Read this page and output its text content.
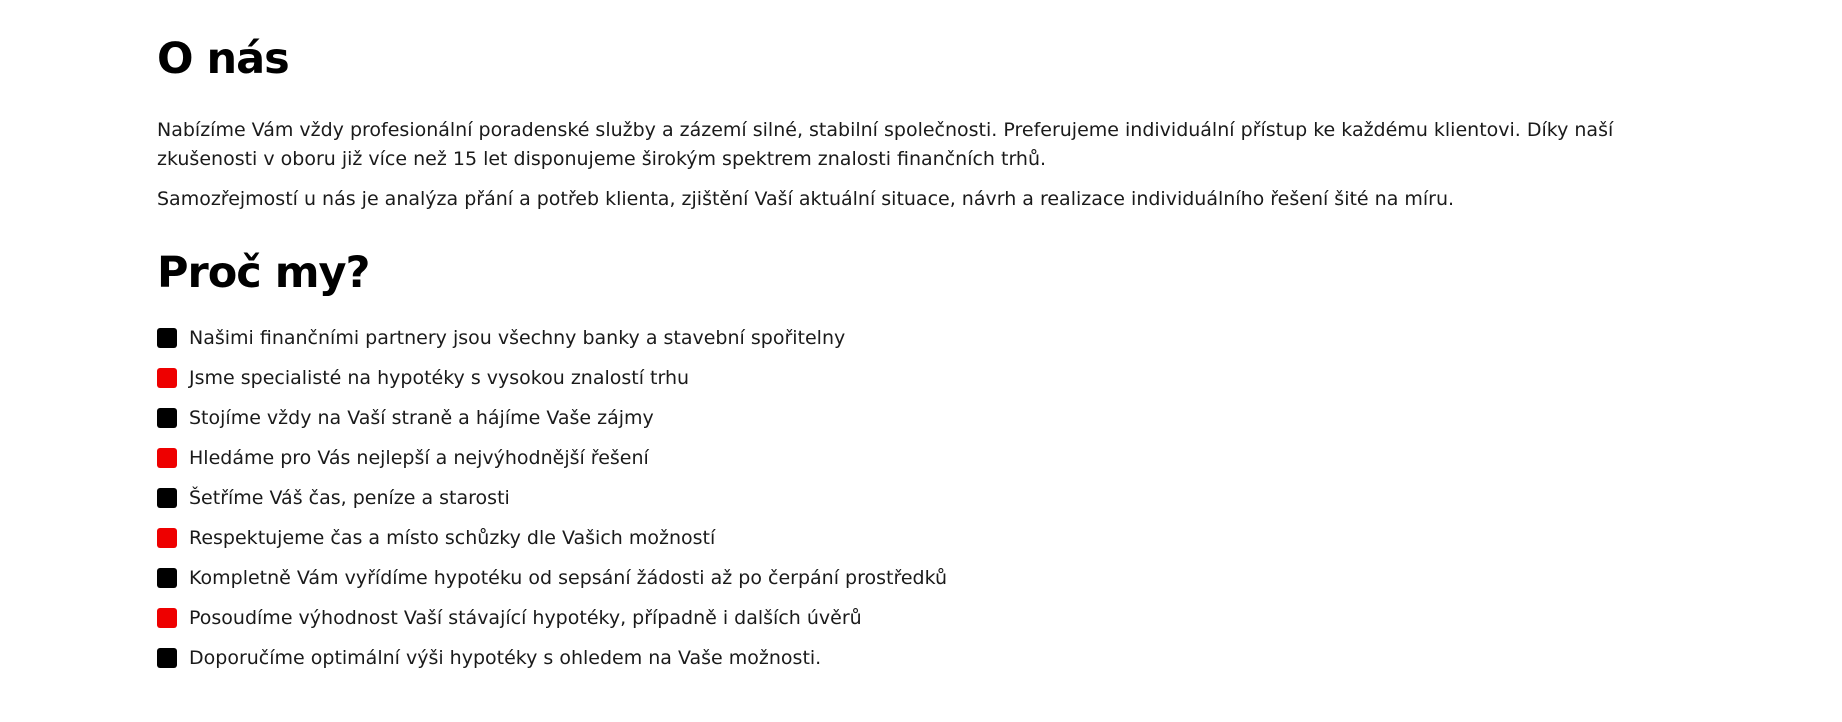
O nás

Nabízíme Vám vždy profesionální poradenské služby a zázemí silné, stabilní společnosti. Preferujeme individuální přístup ke každému klientovi. Díky naší zkušenosti v oboru již více než 15 let disponujeme širokým spektrem znalosti finančních trhů.

Samozřejmostí u nás je analýza přání a potřeb klienta, zjištění Vaší aktuální situace, návrh a realizace individuálního řešení šité na míru.

Proč my?
Našimi finančními partnery jsou všechny banky a stavební spořitelny
Jsme specialisté na hypotéky s vysokou znalostí trhu
Stojíme vždy na Vaší straně a hájíme Vaše zájmy
Hledáme pro Vás nejlepší a nejvýhodnější řešení
Šetříme Váš čas, peníze a starosti
Respektujeme čas a místo schůzky dle Vašich možností
Kompletně Vám vyřídíme hypotéku od sepsání žádosti až po čerpání prostředků
Posoudíme výhodnost Vaší stávající hypotéky, případně i dalších úvěrů
Doporučíme optimální výši hypotéky s ohledem na Vaše možnosti.
